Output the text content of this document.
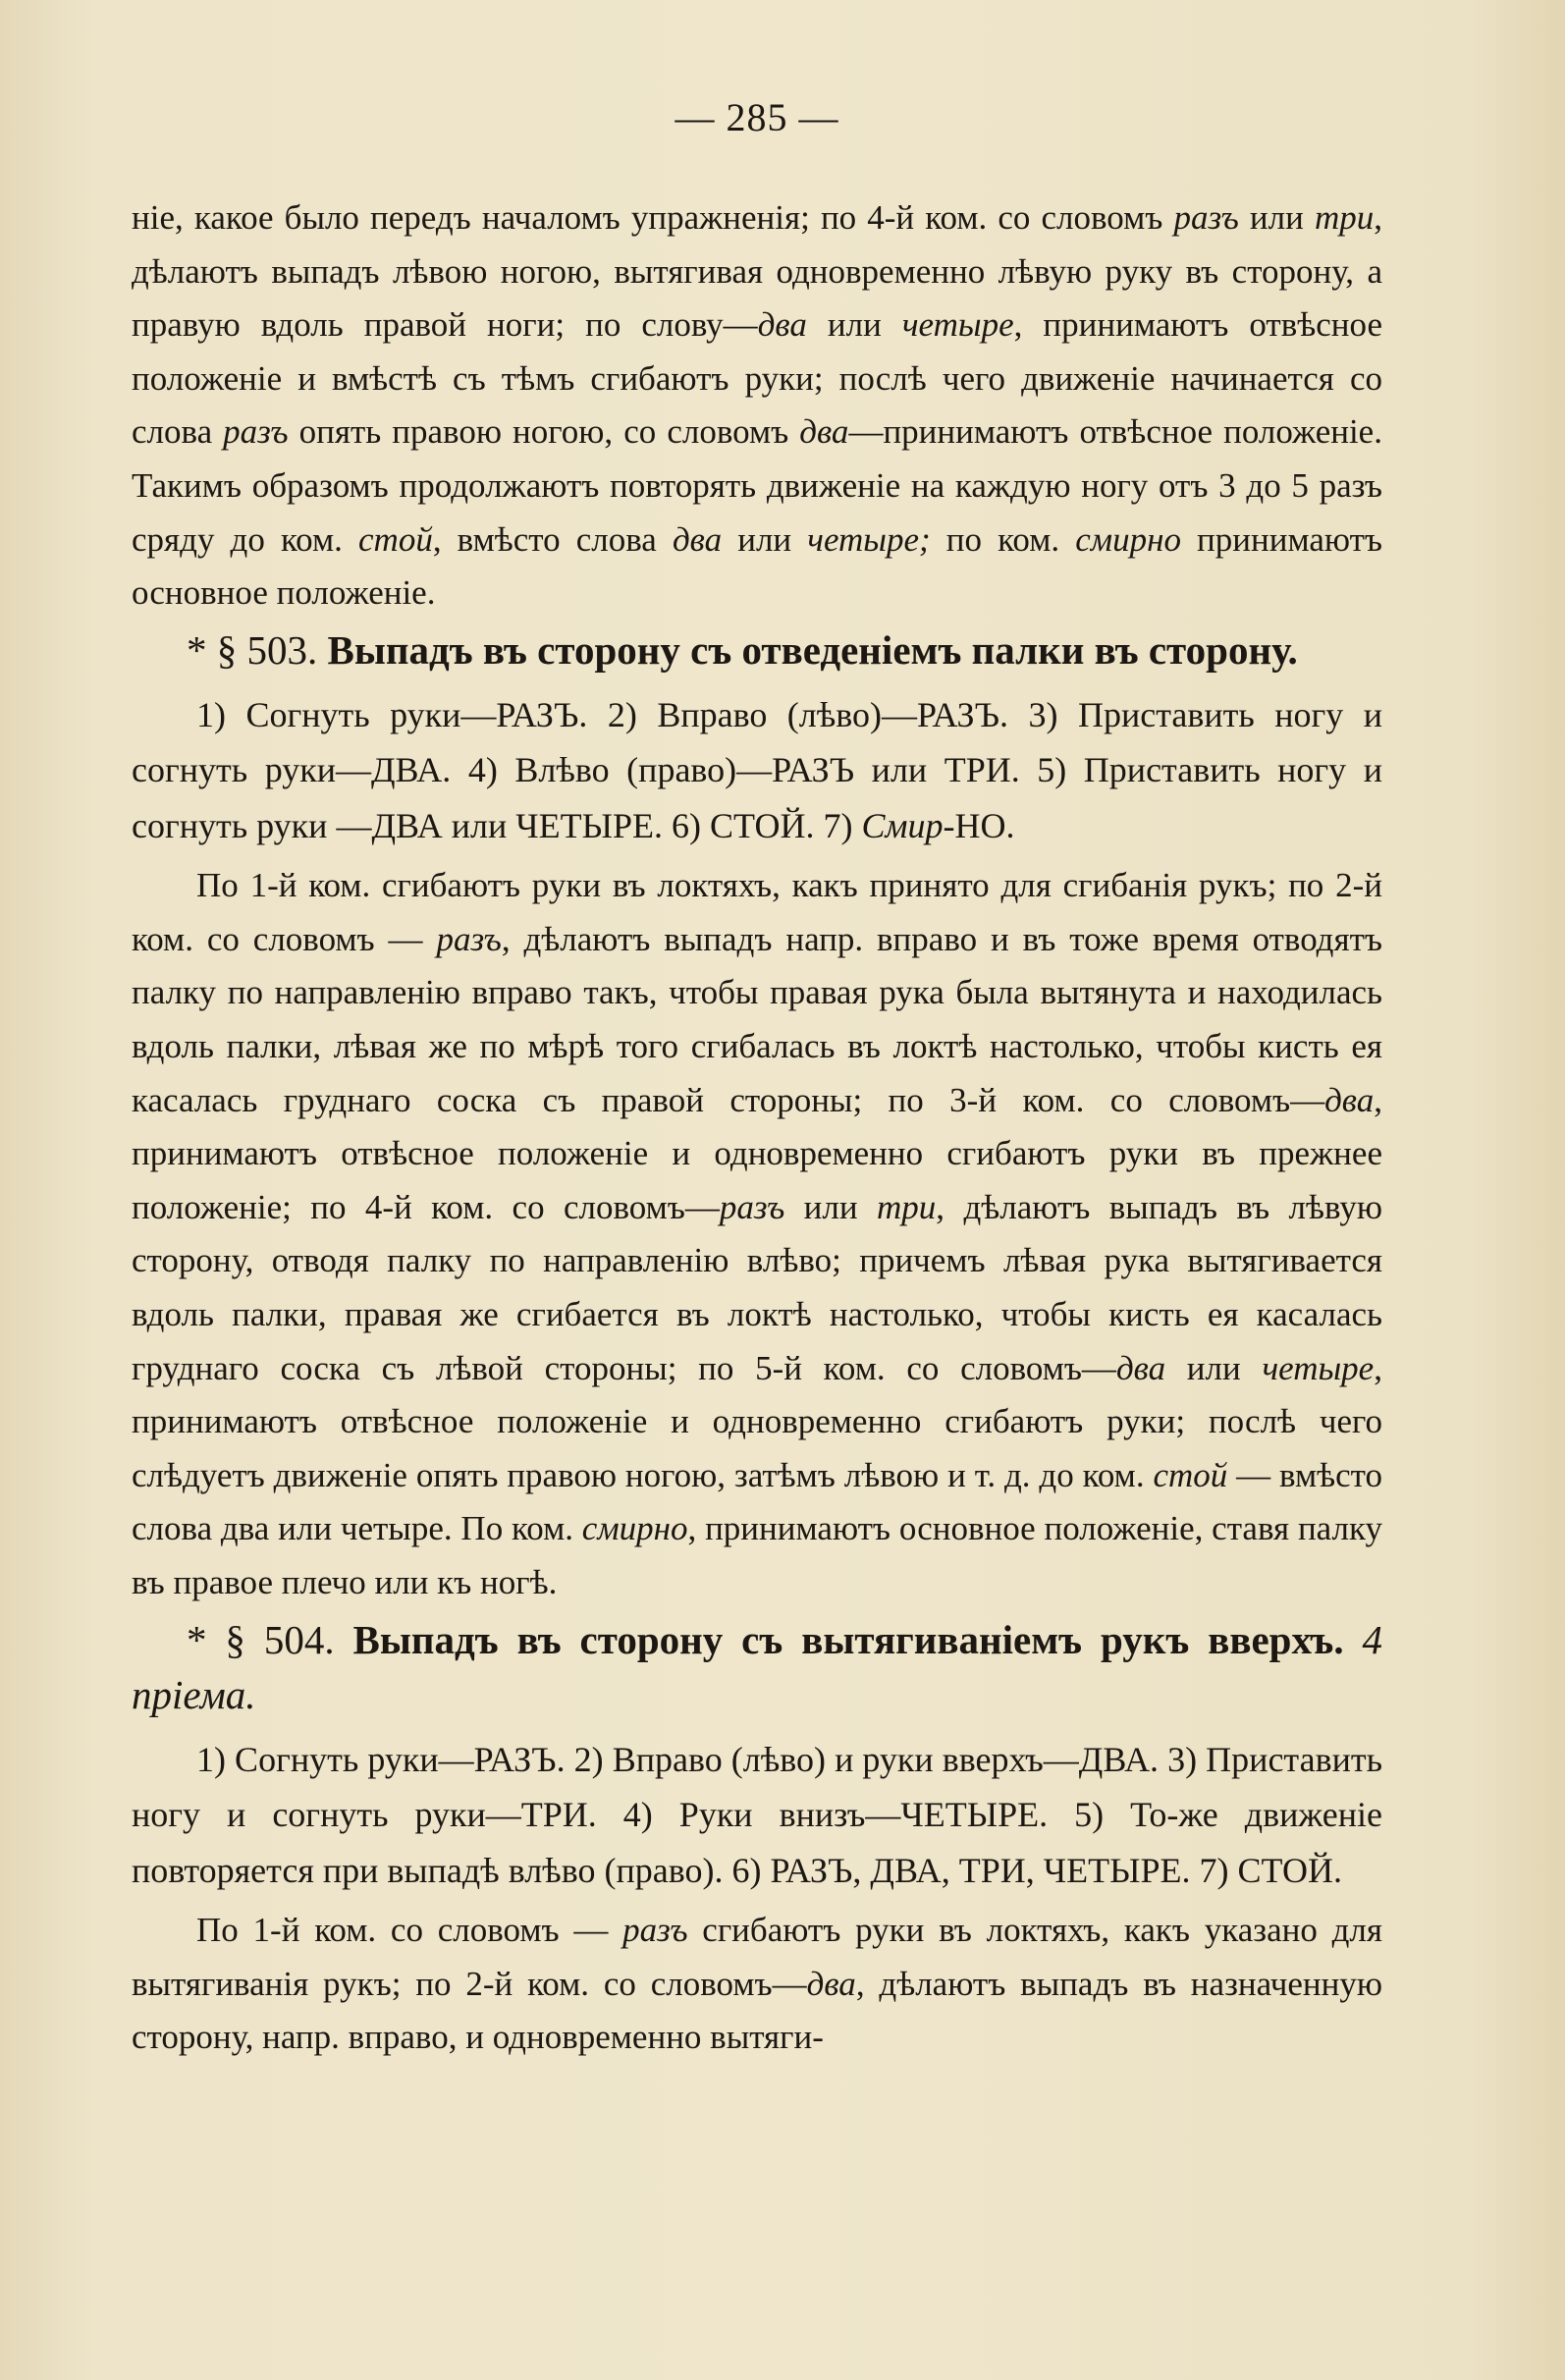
— 285 —

ніе, какое было передъ началомъ упражненія; по 4-й ком. со словомъ разъ или три, дѣлаютъ выпадъ лѣвою ногою, вытягивая одновременно лѣвую руку въ сторону, а правую вдоль правой ноги; по слову—два или четыре, принимаютъ отвѣсное положеніе и вмѣстѣ съ тѣмъ сгибаютъ руки; послѣ чего движеніе начинается со слова разъ опять правою ногою, со словомъ два—принимаютъ отвѣсное положеніе. Такимъ образомъ продолжаютъ повторять движеніе на каждую ногу отъ 3 до 5 разъ сряду до ком. стой, вмѣсто слова два или четыре; по ком. смирно принимаютъ основное положеніе.

* § 503. Выпадъ въ сторону съ отведеніемъ палки въ сторону.

1) Согнуть руки—РАЗЪ. 2) Вправо (лѣво)—РАЗЪ. 3) Приставить ногу и согнуть руки—ДВА. 4) Влѣво (право)—РАЗЪ или ТРИ. 5) Приставить ногу и согнуть руки —ДВА или ЧЕТЫРЕ. 6) СТОЙ. 7) Смир-НО.

По 1-й ком. сгибаютъ руки въ локтяхъ, какъ принято для сгибанія рукъ; по 2-й ком. со словомъ — разъ, дѣлаютъ выпадъ напр. вправо и въ тоже время отводятъ палку по направленію вправо такъ, чтобы правая рука была вытянута и находилась вдоль палки, лѣвая же по мѣрѣ того сгибалась въ локтѣ настолько, чтобы кисть ея касалась груднаго соска съ правой стороны; по 3-й ком. со словомъ—два, принимаютъ отвѣсное положеніе и одновременно сгибаютъ руки въ прежнее положеніе; по 4-й ком. со словомъ—разъ или три, дѣлаютъ выпадъ въ лѣвую сторону, отводя палку по направленію влѣво; причемъ лѣвая рука вытягивается вдоль палки, правая же сгибается въ локтѣ настолько, чтобы кисть ея касалась груднаго соска съ лѣвой стороны; по 5-й ком. со словомъ—два или четыре, принимаютъ отвѣсное положеніе и одновременно сгибаютъ руки; послѣ чего слѣдуетъ движеніе опять правою ногою, затѣмъ лѣвою и т. д. до ком. стой — вмѣсто слова два или четыре. По ком. смирно, принимаютъ основное положеніе, ставя палку въ правое плечо или къ ногѣ.

* § 504. Выпадъ въ сторону съ вытягиваніемъ рукъ вверхъ. 4 пріема.

1) Согнуть руки—РАЗЪ. 2) Вправо (лѣво) и руки вверхъ—ДВА. 3) Приставить ногу и согнуть руки—ТРИ. 4) Руки внизъ—ЧЕТЫРЕ. 5) То-же движеніе повторяется при выпадѣ влѣво (право). 6) РАЗЪ, ДВА, ТРИ, ЧЕТЫРЕ. 7) СТОЙ.

По 1-й ком. со словомъ — разъ сгибаютъ руки въ локтяхъ, какъ указано для вытягиванія рукъ; по 2-й ком. со словомъ—два, дѣлаютъ выпадъ въ назначенную сторону, напр. вправо, и одновременно вытяги-
